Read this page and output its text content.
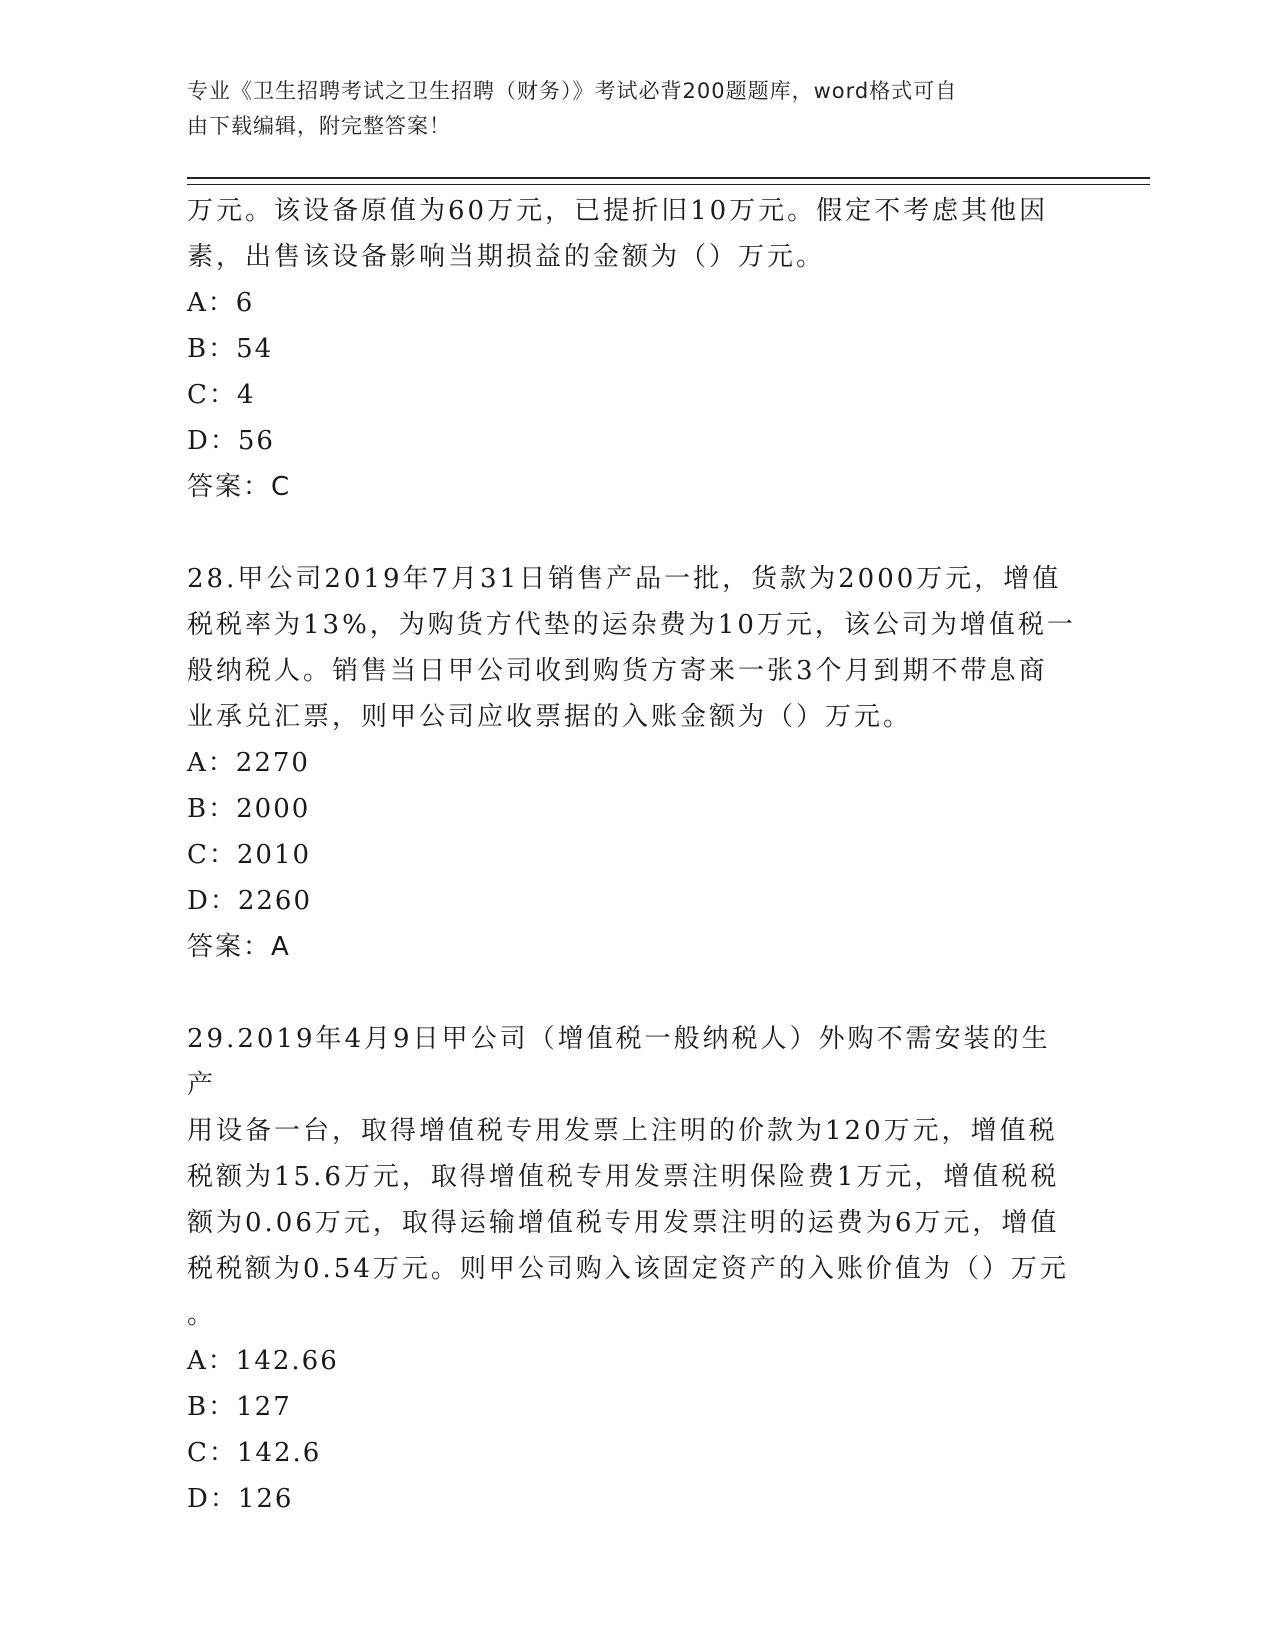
专业《卫生招聘考试之卫生招聘（财务）》考试必背200题题库，word格式可自
由下载编辑，附完整答案！

万元。该设备原值为60万元，已提折旧10万元。假定不考虑其他因

素，出售该设备影响当期损益的金额为（）万元。

A：6

B：54

C：4

D：56

答案：C

28.甲公司2019年7月31日销售产品一批，货款为2000万元，增值

税税率为13%，为购货方代垫的运杂费为10万元，该公司为增值税一

般纳税人。销售当日甲公司收到购货方寄来一张3个月到期不带息商

业承兑汇票，则甲公司应收票据的入账金额为（）万元。

A：2270

B：2000

C：2010

D：2260

答案：A

29.2019年4月9日甲公司（增值税一般纳税人）外购不需安装的生产

用设备一台，取得增值税专用发票上注明的价款为120万元，增值税

税额为15.6万元，取得增值税专用发票注明保险费1万元，增值税税

额为0.06万元，取得运输增值税专用发票注明的运费为6万元，增值

税税额为0.54万元。则甲公司购入该固定资产的入账价值为（）万元

。

A：142.66

B：127

C：142.6

D：126
